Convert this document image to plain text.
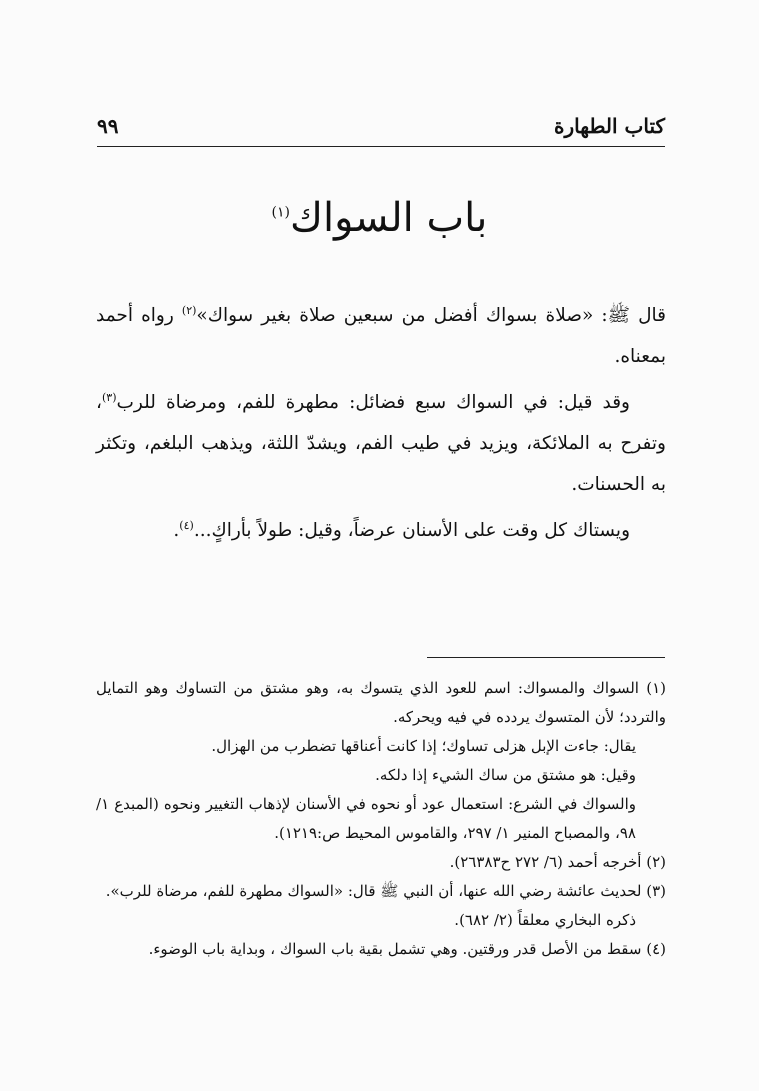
كتاب الطهارة
٩٩
باب السواك$^{(١)}$

قال ﷺ: «صلاة بسواك أفضل من سبعين صلاة بغير سواك»$^{(٢)}$ رواه أحمد بمعناه.

وقد قيل: في السواك سبع فضائل: مطهرة للفم، ومرضاة للرب$^{(٣)}$، وتفرح به الملائكة، ويزيد في طيب الفم، ويشدّ اللثة، ويذهب البلغم، وتكثر به الحسنات.

ويستاك كل وقت على الأسنان عرضاً، وقيل: طولاً بأراكٍ...$^{(٤)}$.

(١) السواك والمسواك: اسم للعود الذي يتسوك به، وهو مشتق من التساوك وهو التمايل والتردد؛ لأن المتسوك يردده في فيه ويحركه.

يقال: جاءت الإبل هزلى تساوك؛ إذا كانت أعناقها تضطرب من الهزال.

وقيل: هو مشتق من ساك الشيء إذا دلكه.

والسواك في الشرع: استعمال عود أو نحوه في الأسنان لإذهاب التغيير ونحوه (المبدع ١/ ٩٨، والمصباح المنير ١/ ٢٩٧، والقاموس المحيط ص:١٢١٩).

(٢) أخرجه أحمد (٦/ ٢٧٢ ح٢٦٣٨٣).

(٣) لحديث عائشة رضي الله عنها، أن النبي ﷺ قال: «السواك مطهرة للفم، مرضاة للرب».

ذكره البخاري معلقاً (٢/ ٦٨٢).

(٤) سقط من الأصل قدر ورقتين. وهي تشمل بقية باب السواك ، وبداية باب الوضوء.
